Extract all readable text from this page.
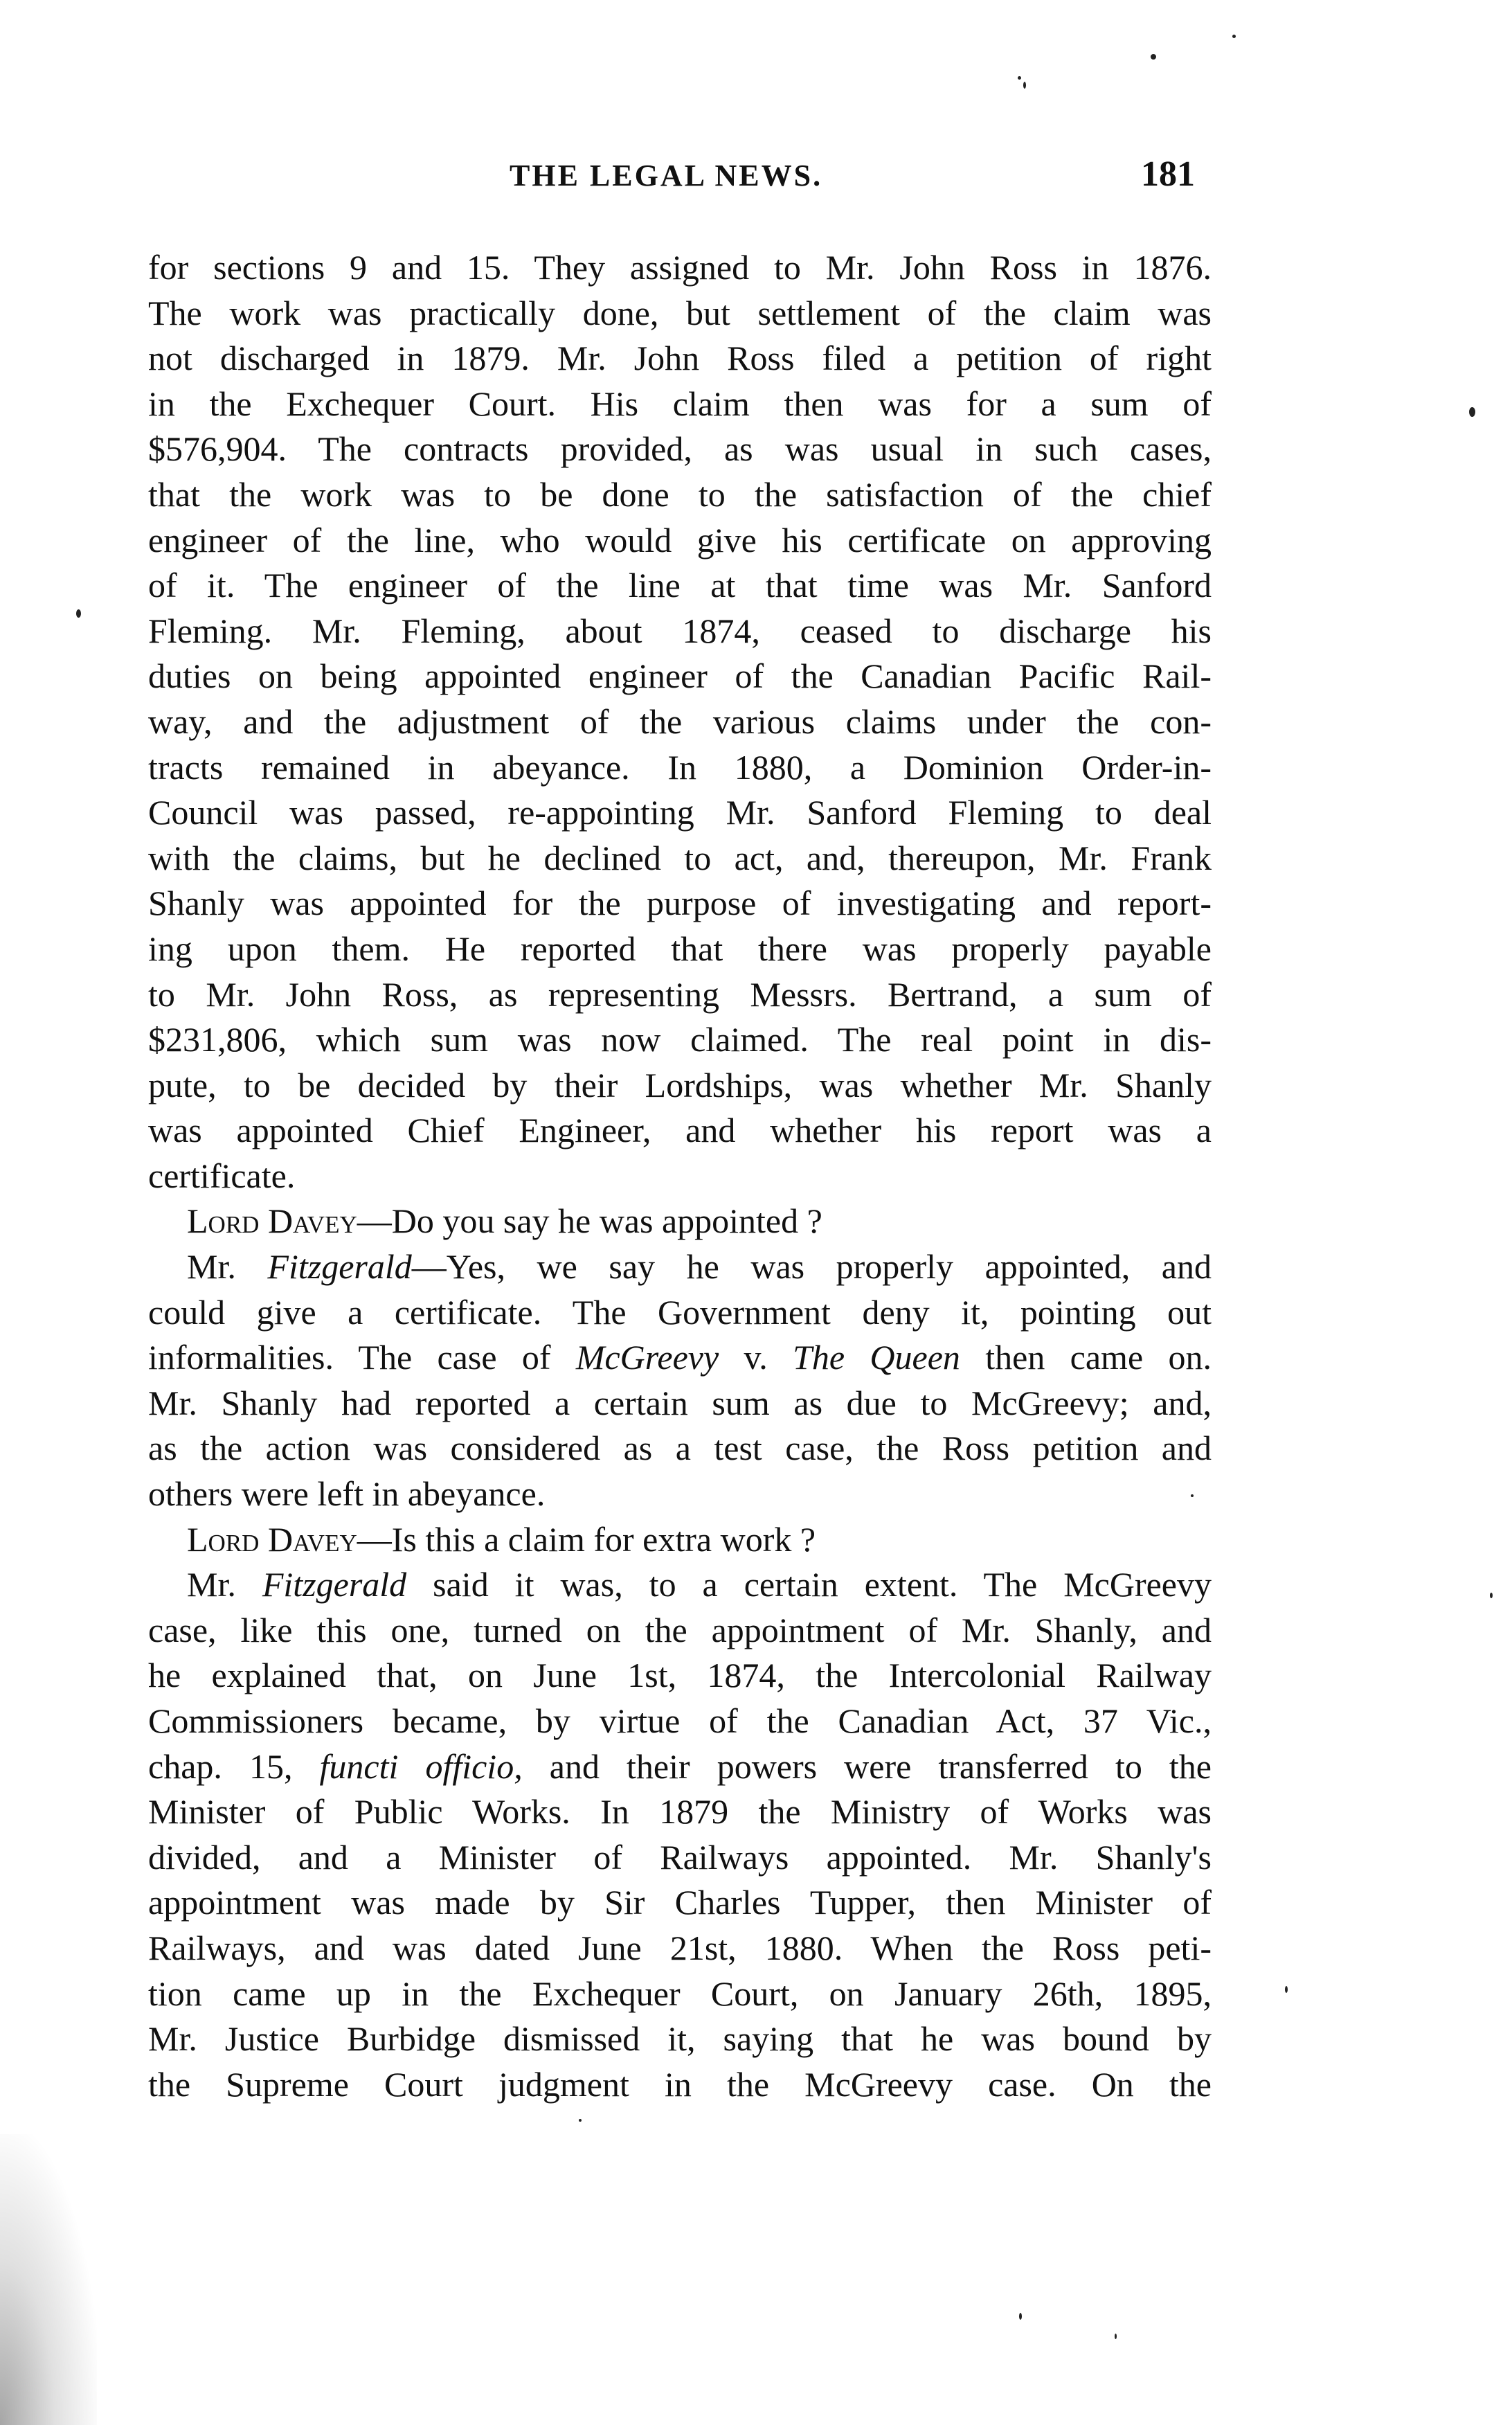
THE LEGAL NEWS.	181
for sections 9 and 15. They assigned to Mr. John Ross in 1876.
The work was practically done, but settlement of the claim was
not discharged in 1879. Mr. John Ross filed a petition of right
in the Exchequer Court. His claim then was for a sum of
$576,904. The contracts provided, as was usual in such cases,
that the work was to be done to the satisfaction of the chief
engineer of the line, who would give his certificate on approving
of it. The engineer of the line at that time was Mr. Sanford
Fleming. Mr. Fleming, about 1874, ceased to discharge his
duties on being appointed engineer of the Canadian Pacific Rail-
way, and the adjustment of the various claims under the con-
tracts remained in abeyance. In 1880, a Dominion Order-in-
Council was passed, re-appointing Mr. Sanford Fleming to deal
with the claims, but he declined to act, and, thereupon, Mr. Frank
Shanly was appointed for the purpose of investigating and report-
ing upon them. He reported that there was properly payable
to Mr. John Ross, as representing Messrs. Bertrand, a sum of
$231,806, which sum was now claimed. The real point in dis-
pute, to be decided by their Lordships, was whether Mr. Shanly
was appointed Chief Engineer, and whether his report was a
certificate.
Lord Davey—Do you say he was appointed ?
Mr. Fitzgerald—Yes, we say he was properly appointed, and
could give a certificate. The Government deny it, pointing out
informalities. The case of McGreevy v. The Queen then came on.
Mr. Shanly had reported a certain sum as due to McGreevy; and,
as the action was considered as a test case, the Ross petition and
others were left in abeyance.
Lord Davey—Is this a claim for extra work ?
Mr. Fitzgerald said it was, to a certain extent. The McGreevy
case, like this one, turned on the appointment of Mr. Shanly, and
he explained that, on June 1st, 1874, the Intercolonial Railway
Commissioners became, by virtue of the Canadian Act, 37 Vic.,
chap. 15, functi officio, and their powers were transferred to the
Minister of Public Works. In 1879 the Ministry of Works was
divided, and a Minister of Railways appointed. Mr. Shanly's
appointment was made by Sir Charles Tupper, then Minister of
Railways, and was dated June 21st, 1880. When the Ross peti-
tion came up in the Exchequer Court, on January 26th, 1895,
Mr. Justice Burbidge dismissed it, saying that he was bound by
the Supreme Court judgment in the McGreevy case. On the
